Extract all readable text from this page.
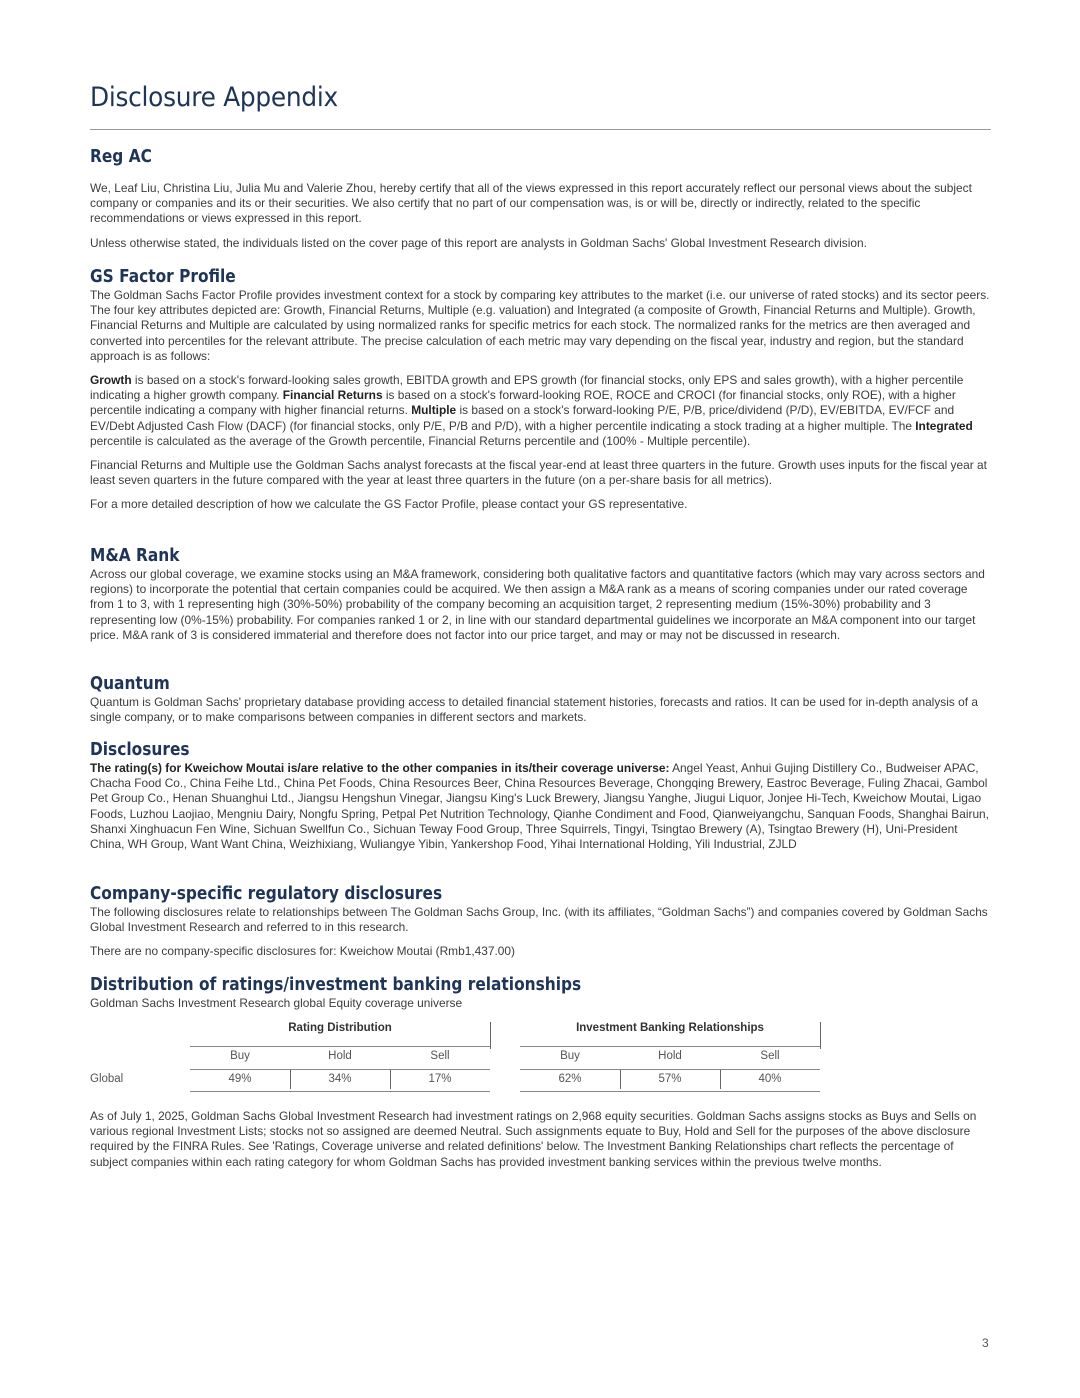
Disclosure Appendix
Reg AC

We, Leaf Liu, Christina Liu, Julia Mu and Valerie Zhou, hereby certify that all of the views expressed in this report accurately reflect our personal views about the subject company or companies and its or their securities. We also certify that no part of our compensation was, is or will be, directly or indirectly, related to the specific recommendations or views expressed in this report.

Unless otherwise stated, the individuals listed on the cover page of this report are analysts in Goldman Sachs' Global Investment Research division.

GS Factor Profile

The Goldman Sachs Factor Profile provides investment context for a stock by comparing key attributes to the market (i.e. our universe of rated stocks) and its sector peers. The four key attributes depicted are: Growth, Financial Returns, Multiple (e.g. valuation) and Integrated (a composite of Growth, Financial Returns and Multiple). Growth, Financial Returns and Multiple are calculated by using normalized ranks for specific metrics for each stock. The normalized ranks for the metrics are then averaged and converted into percentiles for the relevant attribute. The precise calculation of each metric may vary depending on the fiscal year, industry and region, but the standard approach is as follows:

Growth is based on a stock's forward-looking sales growth, EBITDA growth and EPS growth (for financial stocks, only EPS and sales growth), with a higher percentile indicating a higher growth company. Financial Returns is based on a stock's forward-looking ROE, ROCE and CROCI (for financial stocks, only ROE), with a higher percentile indicating a company with higher financial returns. Multiple is based on a stock's forward-looking P/E, P/B, price/dividend (P/D), EV/EBITDA, EV/FCF and EV/Debt Adjusted Cash Flow (DACF) (for financial stocks, only P/E, P/B and P/D), with a higher percentile indicating a stock trading at a higher multiple. The Integrated percentile is calculated as the average of the Growth percentile, Financial Returns percentile and (100% - Multiple percentile).

Financial Returns and Multiple use the Goldman Sachs analyst forecasts at the fiscal year-end at least three quarters in the future. Growth uses inputs for the fiscal year at least seven quarters in the future compared with the year at least three quarters in the future (on a per-share basis for all metrics).

For a more detailed description of how we calculate the GS Factor Profile, please contact your GS representative.

M&A Rank

Across our global coverage, we examine stocks using an M&A framework, considering both qualitative factors and quantitative factors (which may vary across sectors and regions) to incorporate the potential that certain companies could be acquired. We then assign a M&A rank as a means of scoring companies under our rated coverage from 1 to 3, with 1 representing high (30%-50%) probability of the company becoming an acquisition target, 2 representing medium (15%-30%) probability and 3 representing low (0%-15%) probability. For companies ranked 1 or 2, in line with our standard departmental guidelines we incorporate an M&A component into our target price. M&A rank of 3 is considered immaterial and therefore does not factor into our price target, and may or may not be discussed in research.

Quantum

Quantum is Goldman Sachs' proprietary database providing access to detailed financial statement histories, forecasts and ratios. It can be used for in-depth analysis of a single company, or to make comparisons between companies in different sectors and markets.

Disclosures

The rating(s) for Kweichow Moutai is/are relative to the other companies in its/their coverage universe: Angel Yeast, Anhui Gujing Distillery Co., Budweiser APAC, Chacha Food Co., China Feihe Ltd., China Pet Foods, China Resources Beer, China Resources Beverage, Chongqing Brewery, Eastroc Beverage, Fuling Zhacai, Gambol Pet Group Co., Henan Shuanghui Ltd., Jiangsu Hengshun Vinegar, Jiangsu King's Luck Brewery, Jiangsu Yanghe, Jiugui Liquor, Jonjee Hi-Tech, Kweichow Moutai, Ligao Foods, Luzhou Laojiao, Mengniu Dairy, Nongfu Spring, Petpal Pet Nutrition Technology, Qianhe Condiment and Food, Qianweiyangchu, Sanquan Foods, Shanghai Bairun, Shanxi Xinghuacun Fen Wine, Sichuan Swellfun Co., Sichuan Teway Food Group, Three Squirrels, Tingyi, Tsingtao Brewery (A), Tsingtao Brewery (H), Uni-President China, WH Group, Want Want China, Weizhixiang, Wuliangye Yibin, Yankershop Food, Yihai International Holding, Yili Industrial, ZJLD

Company-specific regulatory disclosures

The following disclosures relate to relationships between The Goldman Sachs Group, Inc. (with its affiliates, “Goldman Sachs”) and companies covered by Goldman Sachs Global Investment Research and referred to in this research.

There are no company-specific disclosures for: Kweichow Moutai (Rmb1,437.00)

Distribution of ratings/investment banking relationships

Goldman Sachs Investment Research global Equity coverage universe

Rating Distribution	Investment Banking Relationships
Buy	Hold	Sell	Buy	Hold	Sell
Global	49%	34%	17%	62%	57%	40%

As of July 1, 2025, Goldman Sachs Global Investment Research had investment ratings on 2,968 equity securities. Goldman Sachs assigns stocks as Buys and Sells on various regional Investment Lists; stocks not so assigned are deemed Neutral. Such assignments equate to Buy, Hold and Sell for the purposes of the above disclosure required by the FINRA Rules. See 'Ratings, Coverage universe and related definitions' below. The Investment Banking Relationships chart reflects the percentage of subject companies within each rating category for whom Goldman Sachs has provided investment banking services within the previous twelve months.

3
